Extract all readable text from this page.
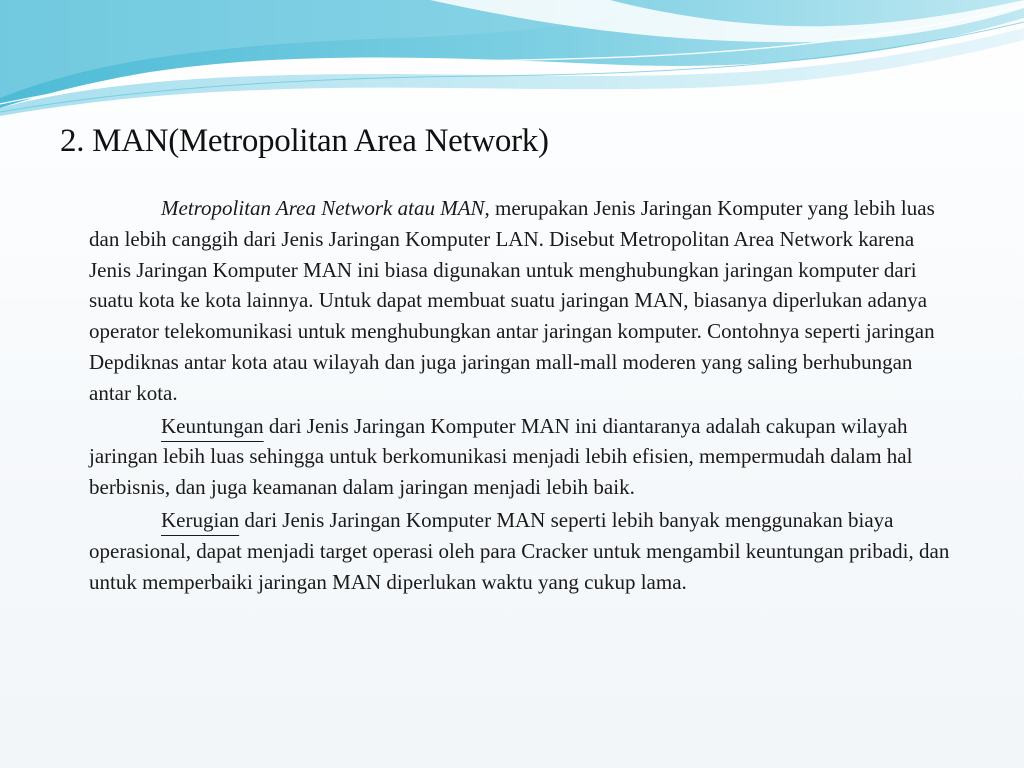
2. MAN(Metropolitan Area Network)

Metropolitan Area Network atau MAN, merupakan Jenis Jaringan Komputer yang lebih luas dan lebih canggih dari Jenis Jaringan Komputer LAN. Disebut Metropolitan Area Network karena Jenis Jaringan Komputer MAN ini biasa digunakan untuk menghubungkan jaringan komputer dari suatu kota ke kota lainnya. Untuk dapat membuat suatu jaringan MAN, biasanya diperlukan adanya operator telekomunikasi untuk menghubungkan antar jaringan komputer. Contohnya seperti jaringan Depdiknas antar kota atau wilayah dan juga jaringan mall-mall moderen yang saling berhubungan antar kota.

Keuntungan dari Jenis Jaringan Komputer MAN ini diantaranya adalah cakupan wilayah jaringan lebih luas sehingga untuk berkomunikasi menjadi lebih efisien, mempermudah dalam hal berbisnis, dan juga keamanan dalam jaringan menjadi lebih baik.

Kerugian dari Jenis Jaringan Komputer MAN seperti lebih banyak menggunakan biaya operasional, dapat menjadi target operasi oleh para Cracker untuk mengambil keuntungan pribadi, dan untuk memperbaiki jaringan MAN diperlukan waktu yang cukup lama.
